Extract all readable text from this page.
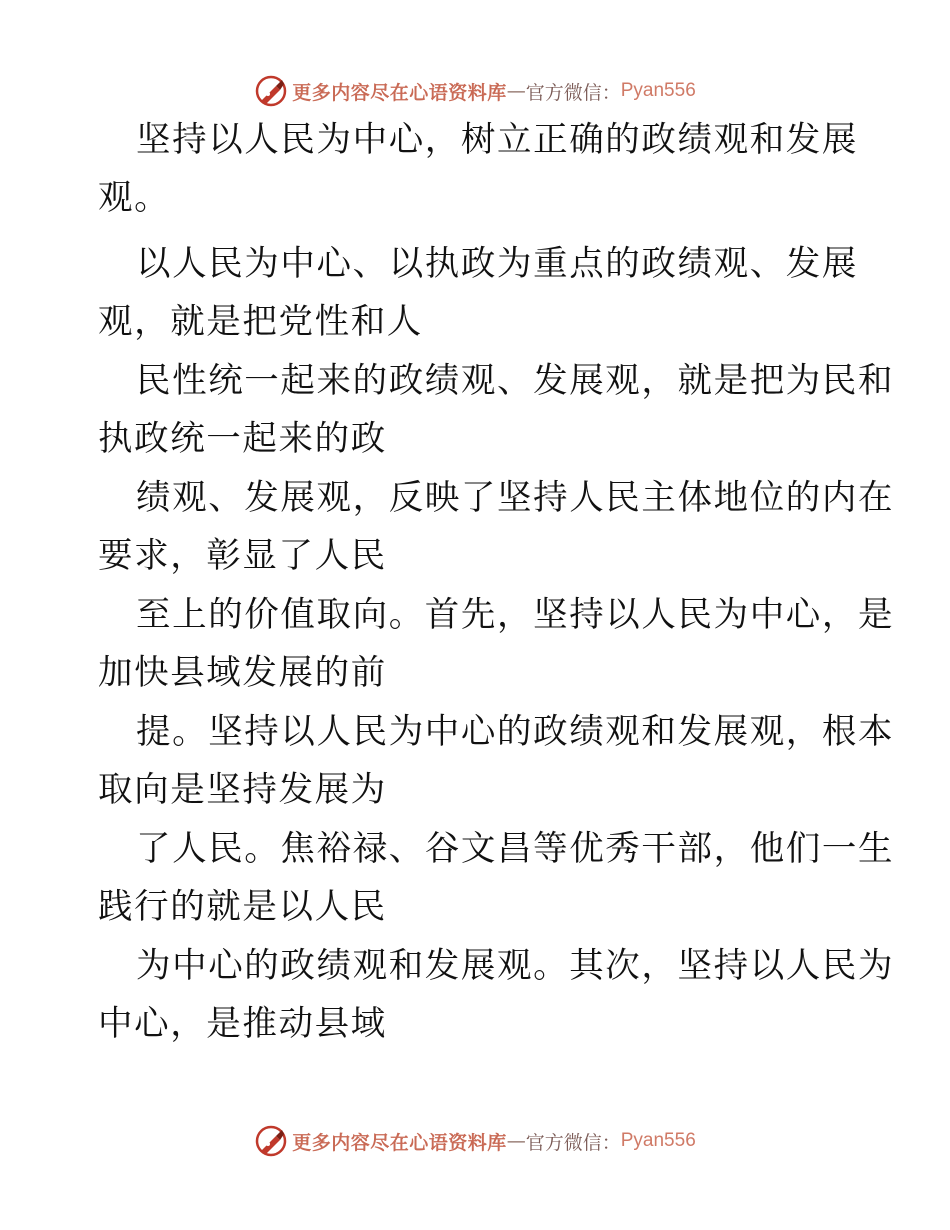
更多内容尽在心语资料库 — 官方微信： Pyan556
坚持以人民为中心，树立正确的政绩观和发展
观。
以人民为中心、以执政为重点的政绩观、发展
观，就是把党性和人
民性统一起来的政绩观、发展观，就是把为民和
执政统一起来的政
绩观、发展观，反映了坚持人民主体地位的内在
要求，彰显了人民
至上的价值取向。首先，坚持以人民为中心，是
加快县域发展的前
提。坚持以人民为中心的政绩观和发展观，根本
取向是坚持发展为
了人民。焦裕禄、谷文昌等优秀干部，他们一生
践行的就是以人民
为中心的政绩观和发展观。其次，坚持以人民为
中心，是推动县域
更多内容尽在心语资料库 — 官方微信： Pyan556
